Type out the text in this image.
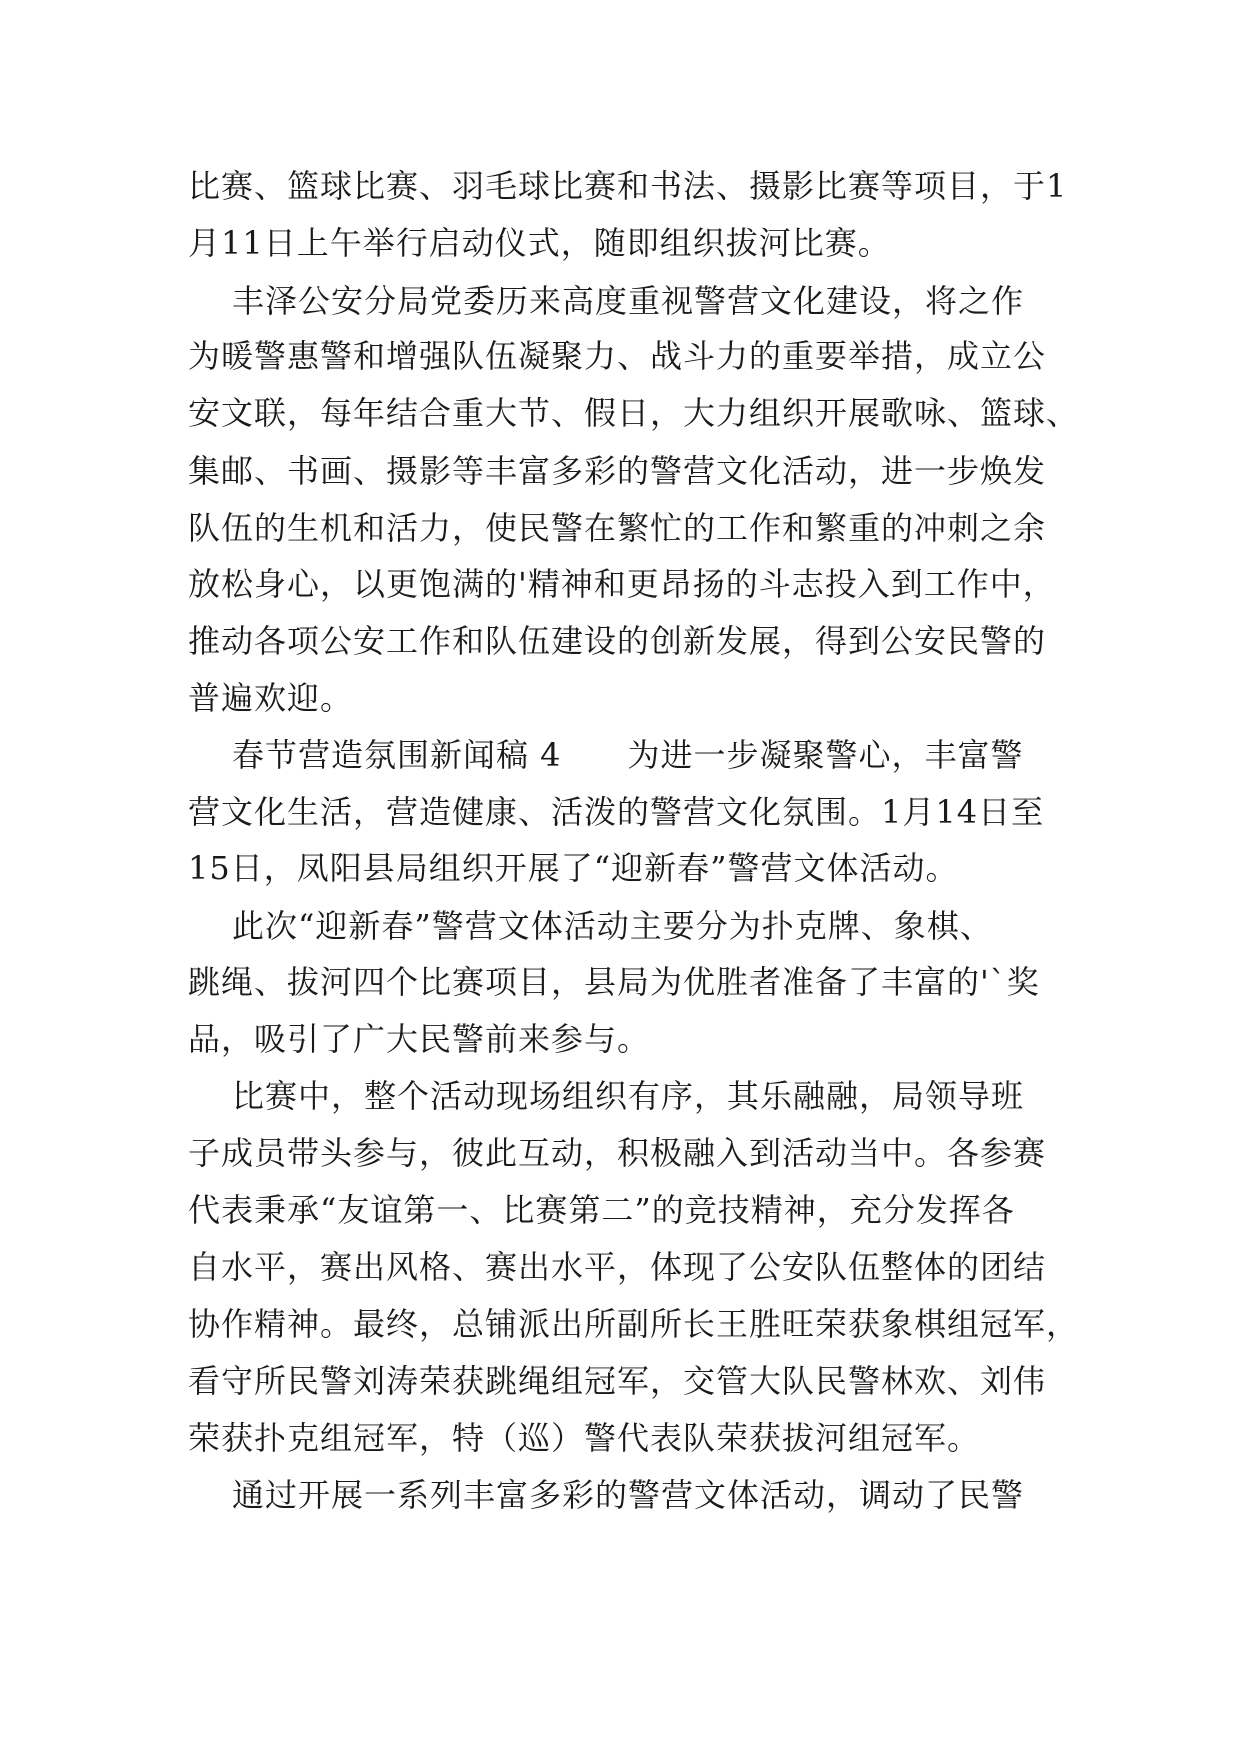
比赛、篮球比赛、羽毛球比赛和书法、摄影比赛等项目，于1
月11日上午举行启动仪式，随即组织拔河比赛。
丰泽公安分局党委历来高度重视警营文化建设，将之作
为暖警惠警和增强队伍凝聚力、战斗力的重要举措，成立公
安文联，每年结合重大节、假日，大力组织开展歌咏、篮球、
集邮、书画、摄影等丰富多彩的警营文化活动，进一步焕发
队伍的生机和活力，使民警在繁忙的工作和繁重的冲刺之余
放松身心，以更饱满的'精神和更昂扬的斗志投入到工作中，
推动各项公安工作和队伍建设的创新发展，得到公安民警的
普遍欢迎。
春节营造氛围新闻稿 4　　为进一步凝聚警心，丰富警
营文化生活，营造健康、活泼的警营文化氛围。1月14日至
15日，凤阳县局组织开展了“迎新春”警营文体活动。
此次“迎新春”警营文体活动主要分为扑克牌、象棋、
跳绳、拔河四个比赛项目，县局为优胜者准备了丰富的'`奖
品，吸引了广大民警前来参与。
比赛中，整个活动现场组织有序，其乐融融，局领导班
子成员带头参与，彼此互动，积极融入到活动当中。各参赛
代表秉承“友谊第一、比赛第二”的竞技精神，充分发挥各
自水平，赛出风格、赛出水平，体现了公安队伍整体的团结
协作精神。最终，总铺派出所副所长王胜旺荣获象棋组冠军，
看守所民警刘涛荣获跳绳组冠军，交管大队民警林欢、刘伟
荣获扑克组冠军，特（巡）警代表队荣获拔河组冠军。
通过开展一系列丰富多彩的警营文体活动，调动了民警
